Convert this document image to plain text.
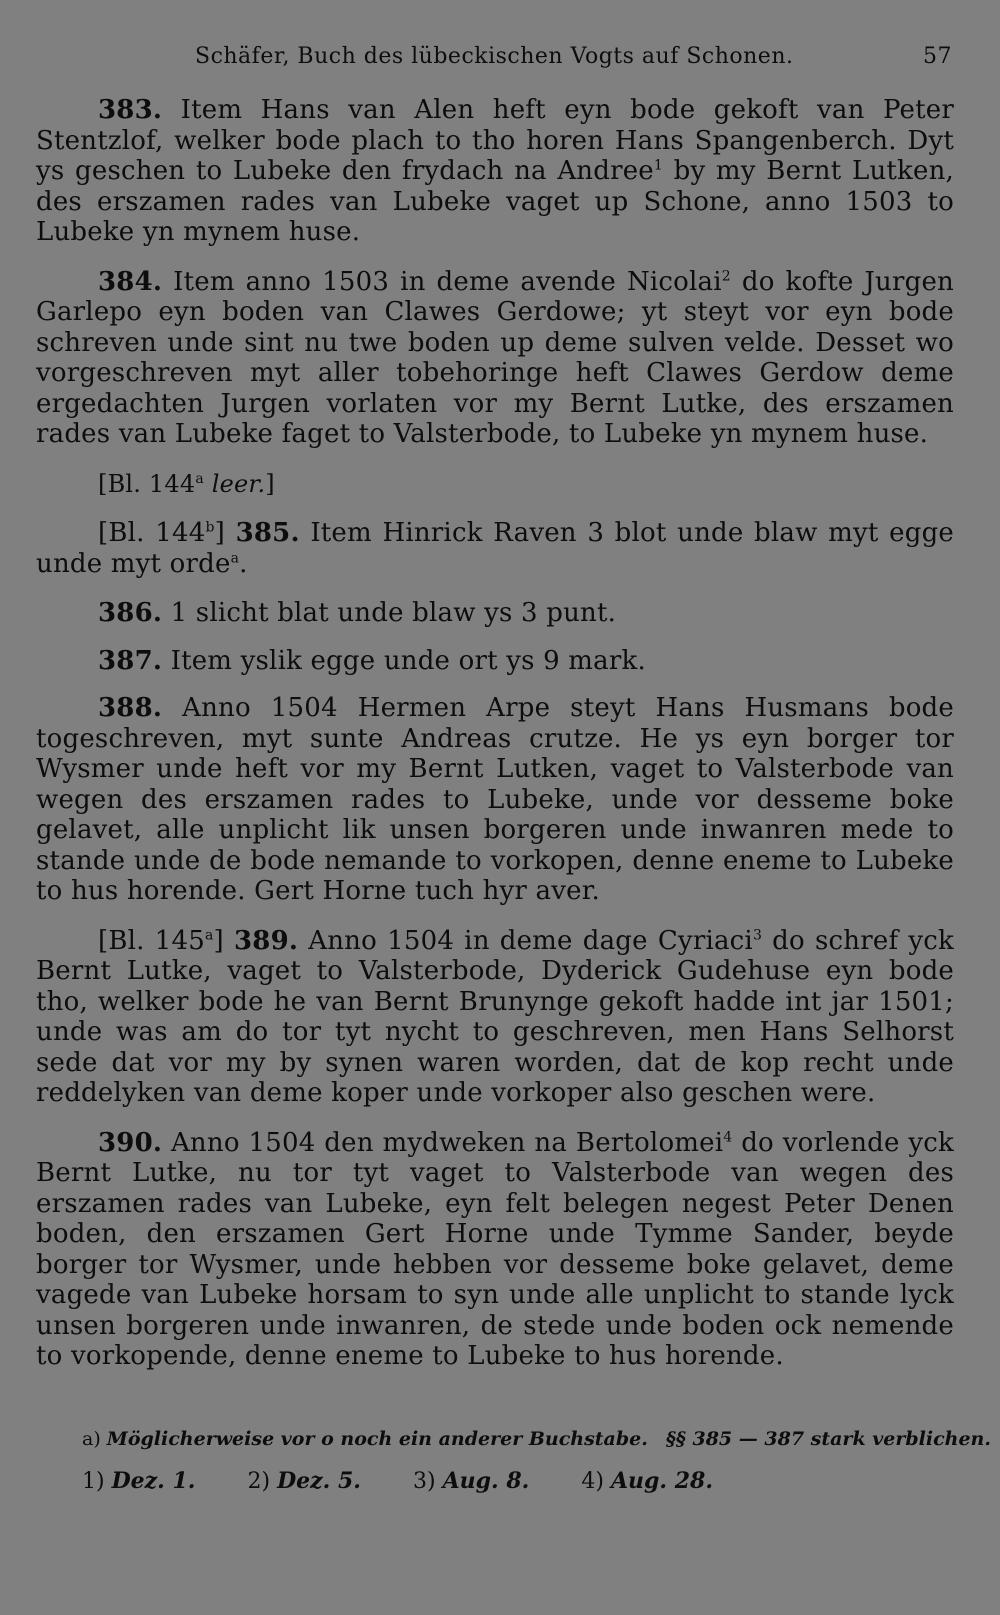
Schäfer, Buch des lübeckischen Vogts auf Schonen.	57

383. Item Hans van Alen heft eyn bode gekoft van Peter Stentzlof, welker bode plach to tho horen Hans Spangenberch. Dyt ys geschen to Lubeke den frydach na Andree$^1$ by my Bernt Lutken, des erszamen rades van Lubeke vaget up Schone, anno 1503 to Lubeke yn mynem huse.

384. Item anno 1503 in deme avende Nicolai$^2$ do kofte Jurgen Garlepo eyn boden van Clawes Gerdowe; yt steyt vor eyn bode schreven unde sint nu twe boden up deme sulven velde. Desset wo vorgeschreven myt aller tobehoringe heft Clawes Gerdow deme ergedachten Jurgen vorlaten vor my Bernt Lutke, des erszamen rades van Lubeke faget to Valsterbode, to Lubeke yn mynem huse.

[Bl. 144$^a$ leer.]

[Bl. 144$^b$] 385. Item Hinrick Raven 3 blot unde blaw myt egge unde myt orde$^a$.

386. 1 slicht blat unde blaw ys 3 punt.

387. Item yslik egge unde ort ys 9 mark.

388. Anno 1504 Hermen Arpe steyt Hans Husmans bode togeschreven, myt sunte Andreas crutze. He ys eyn borger tor Wysmer unde heft vor my Bernt Lutken, vaget to Valsterbode van wegen des erszamen rades to Lubeke, unde vor desseme boke gelavet, alle unplicht lik unsen borgeren unde inwanren mede to stande unde de bode nemande to vorkopen, denne eneme to Lubeke to hus horende. Gert Horne tuch hyr aver.

[Bl. 145$^a$] 389. Anno 1504 in deme dage Cyriaci$^3$ do schref yck Bernt Lutke, vaget to Valsterbode, Dyderick Gudehuse eyn bode tho, welker bode he van Bernt Brunynge gekoft hadde int jar 1501; unde was am do tor tyt nycht to geschreven, men Hans Selhorst sede dat vor my by synen waren worden, dat de kop recht unde reddelyken van deme koper unde vorkoper also geschen were.

390. Anno 1504 den mydweken na Bertolomei$^4$ do vorlende yck Bernt Lutke, nu tor tyt vaget to Valsterbode van wegen des erszamen rades van Lubeke, eyn felt belegen negest Peter Denen boden, den erszamen Gert Horne unde Tymme Sander, beyde borger tor Wysmer, unde hebben vor desseme boke gelavet, deme vagede van Lubeke horsam to syn unde alle unplicht to stande lyck unsen borgeren unde inwanren, de stede unde boden ock nemende to vorkopende, denne eneme to Lubeke to hus horende.

a) Möglicherweise vor o noch ein anderer Buchstabe. §§ 385 — 387 stark verblichen.
1) Dez. 1. 2) Dez. 5. 3) Aug. 8. 4) Aug. 28.
